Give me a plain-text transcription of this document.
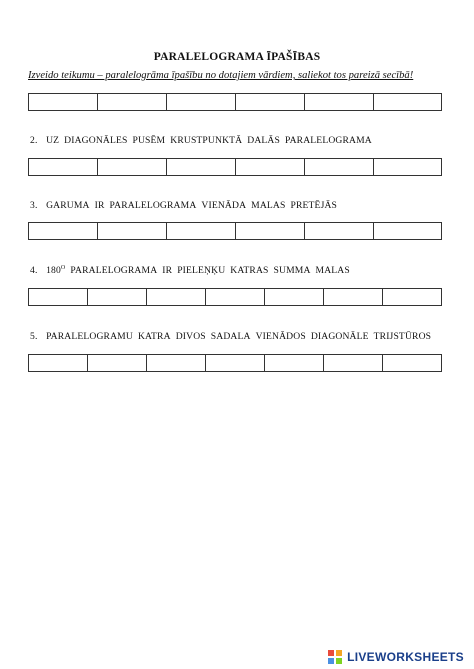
PARALELOGRAMA ĪPAŠĪBAS
Izveido teikumu – paralelogrāma īpašību no dotajiem vārdiem, saliekot tos pareizā secībā!
2. UZ DIAGONĀLES PUSĒM KRUSTPUNKTĀ DALĀS PARALELOGRAMA
3. GARUMA IR PARALELOGRAMA VIENĀDA MALAS PRETĒJĀS
4. $180^O$ PARALELOGRAMA IR PIELEŅĶU KATRAS SUMMA MALAS
5. PARALELOGRAMU KATRA DIVOS SADALA VIENĀDOS DIAGONĀLE TRIJSTŪROS
LIVEWORKSHEETS
